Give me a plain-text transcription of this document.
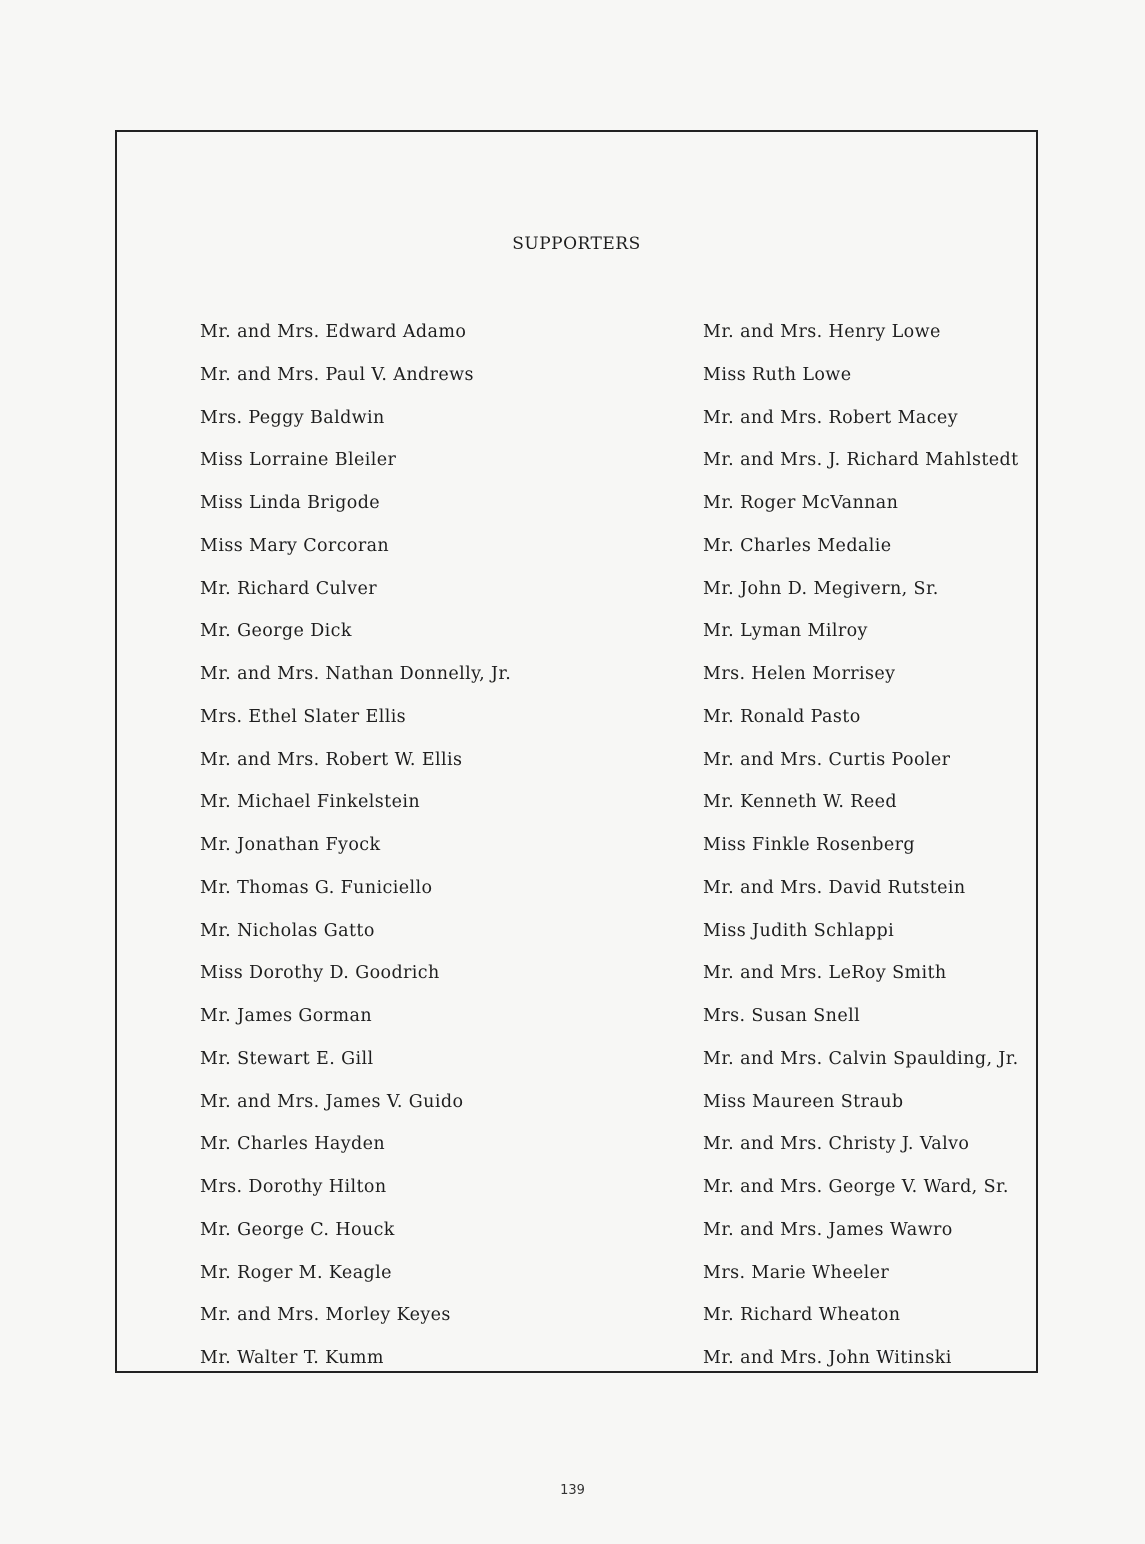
SUPPORTERS
Mr. and Mrs. Edward Adamo
Mr. and Mrs. Paul V. Andrews
Mrs. Peggy Baldwin
Miss Lorraine Bleiler
Miss Linda Brigode
Miss Mary Corcoran
Mr. Richard Culver
Mr. George Dick
Mr. and Mrs. Nathan Donnelly, Jr.
Mrs. Ethel Slater Ellis
Mr. and Mrs. Robert W. Ellis
Mr. Michael Finkelstein
Mr. Jonathan Fyock
Mr. Thomas G. Funiciello
Mr. Nicholas Gatto
Miss Dorothy D. Goodrich
Mr. James Gorman
Mr. Stewart E. Gill
Mr. and Mrs. James V. Guido
Mr. Charles Hayden
Mrs. Dorothy Hilton
Mr. George C. Houck
Mr. Roger M. Keagle
Mr. and Mrs. Morley Keyes
Mr. Walter T. Kumm
Mr. and Mrs. Henry Lowe
Miss Ruth Lowe
Mr. and Mrs. Robert Macey
Mr. and Mrs. J. Richard Mahlstedt
Mr. Roger McVannan
Mr. Charles Medalie
Mr. John D. Megivern, Sr.
Mr. Lyman Milroy
Mrs. Helen Morrisey
Mr. Ronald Pasto
Mr. and Mrs. Curtis Pooler
Mr. Kenneth W. Reed
Miss Finkle Rosenberg
Mr. and Mrs. David Rutstein
Miss Judith Schlappi
Mr. and Mrs. LeRoy Smith
Mrs. Susan Snell
Mr. and Mrs. Calvin Spaulding, Jr.
Miss Maureen Straub
Mr. and Mrs. Christy J. Valvo
Mr. and Mrs. George V. Ward, Sr.
Mr. and Mrs. James Wawro
Mrs. Marie Wheeler
Mr. Richard Wheaton
Mr. and Mrs. John Witinski
139
